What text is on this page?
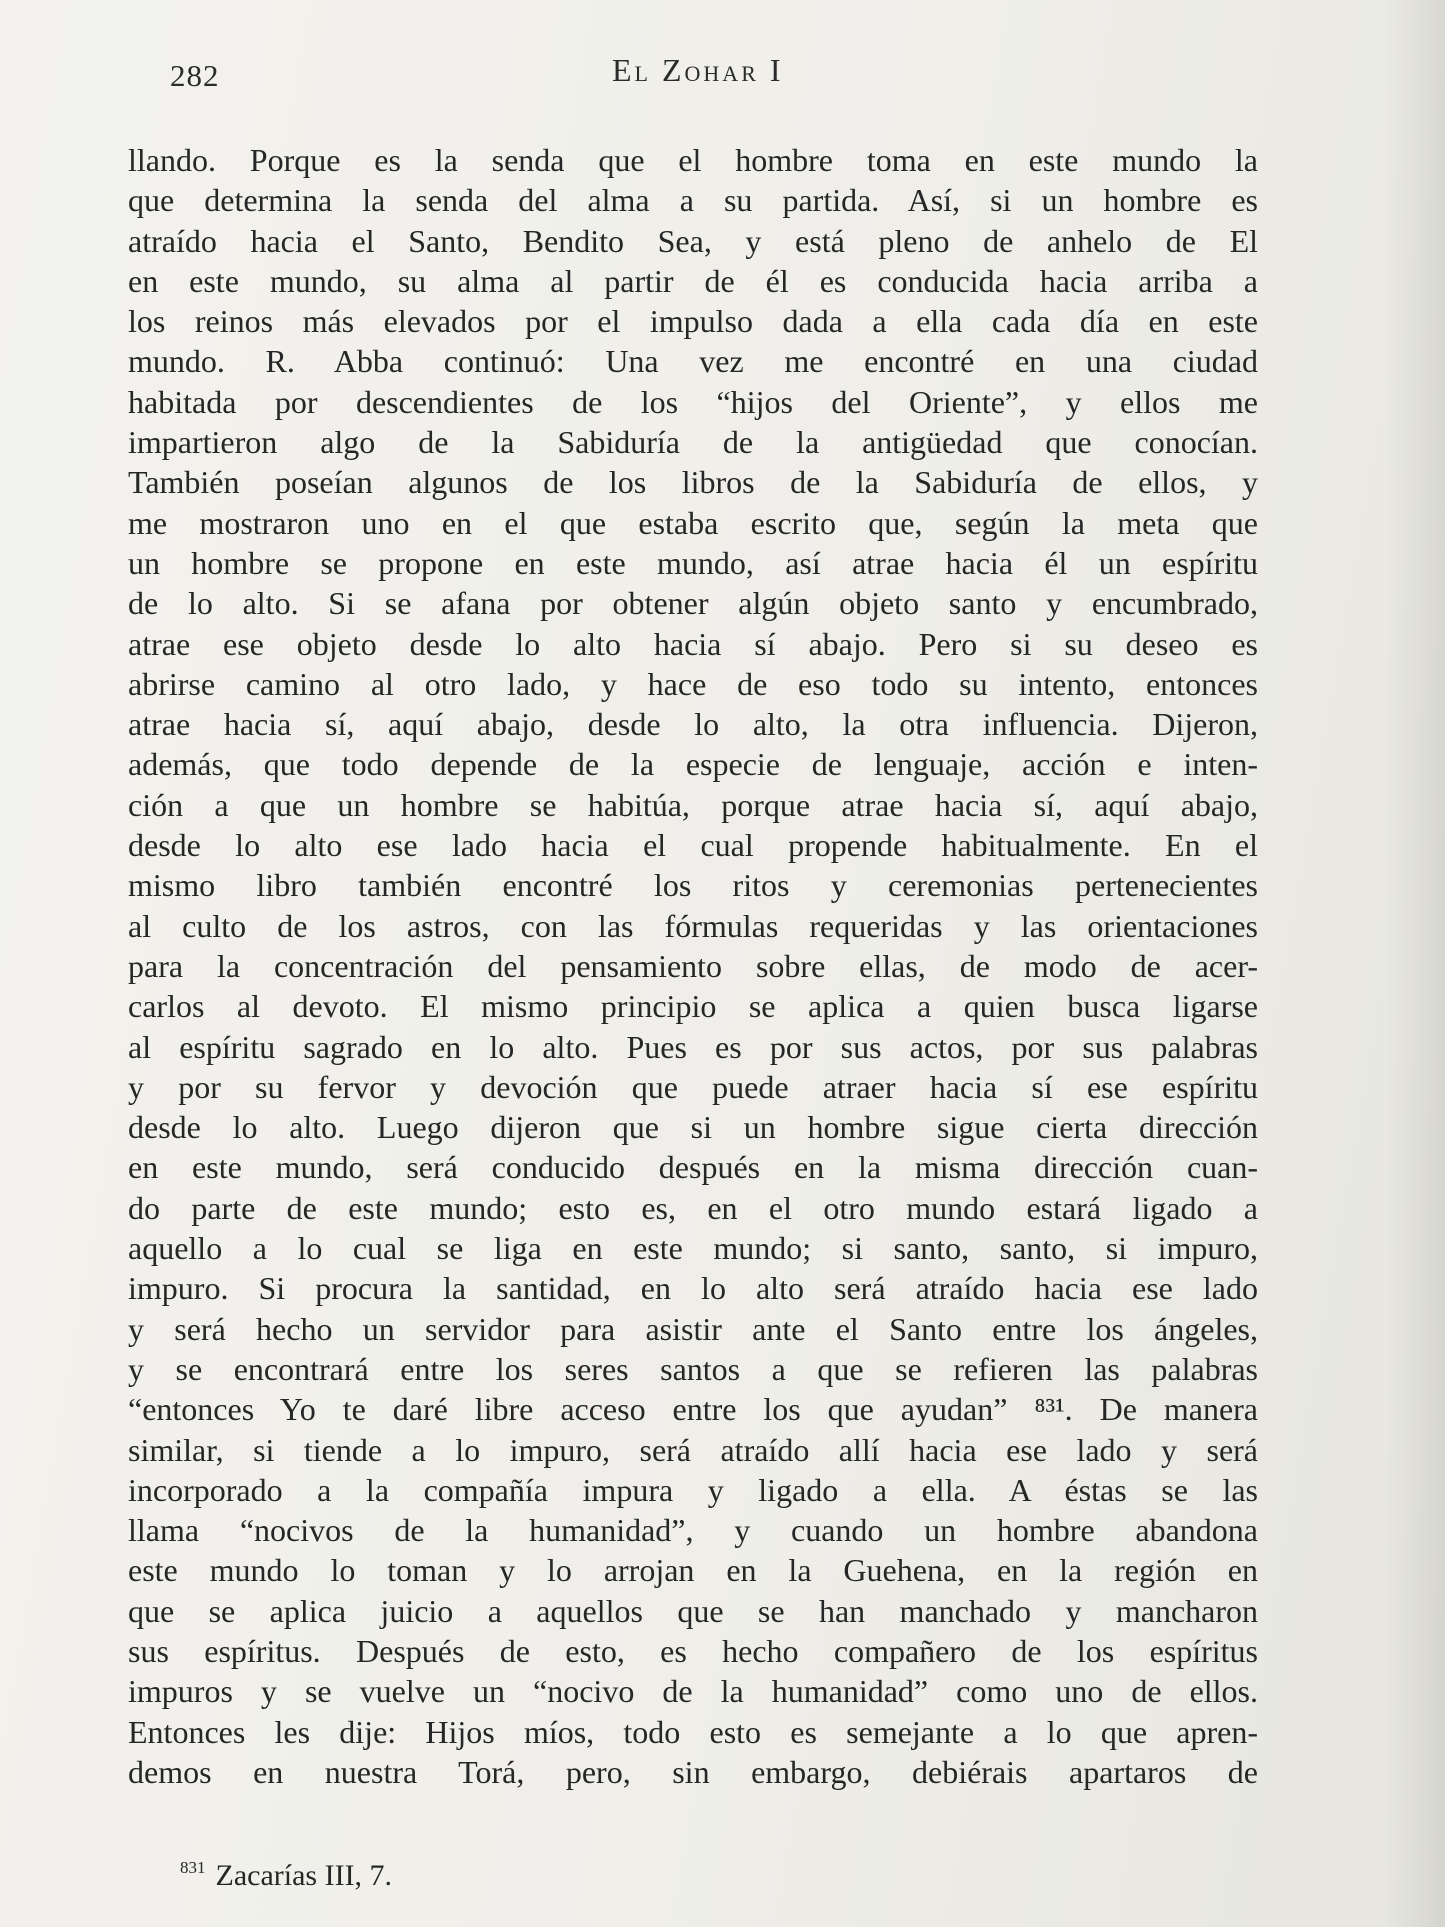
282	El Zohar I
llando. Porque es la senda que el hombre toma en este mundo la
que determina la senda del alma a su partida. Así, si un hombre es
atraído hacia el Santo, Bendito Sea, y está pleno de anhelo de El
en este mundo, su alma al partir de él es conducida hacia arriba a
los reinos más elevados por el impulso dada a ella cada día en este
mundo. R. Abba continuó: Una vez me encontré en una ciudad
habitada por descendientes de los “hijos del Oriente”, y ellos me
impartieron algo de la Sabiduría de la antigüedad que conocían.
También poseían algunos de los libros de la Sabiduría de ellos, y
me mostraron uno en el que estaba escrito que, según la meta que
un hombre se propone en este mundo, así atrae hacia él un espíritu
de lo alto. Si se afana por obtener algún objeto santo y encumbrado,
atrae ese objeto desde lo alto hacia sí abajo. Pero si su deseo es
abrirse camino al otro lado, y hace de eso todo su intento, entonces
atrae hacia sí, aquí abajo, desde lo alto, la otra influencia. Dijeron,
además, que todo depende de la especie de lenguaje, acción e inten-
ción a que un hombre se habitúa, porque atrae hacia sí, aquí abajo,
desde lo alto ese lado hacia el cual propende habitualmente. En el
mismo libro también encontré los ritos y ceremonias pertenecientes
al culto de los astros, con las fórmulas requeridas y las orientaciones
para la concentración del pensamiento sobre ellas, de modo de acer-
carlos al devoto. El mismo principio se aplica a quien busca ligarse
al espíritu sagrado en lo alto. Pues es por sus actos, por sus palabras
y por su fervor y devoción que puede atraer hacia sí ese espíritu
desde lo alto. Luego dijeron que si un hombre sigue cierta dirección
en este mundo, será conducido después en la misma dirección cuan-
do parte de este mundo; esto es, en el otro mundo estará ligado a
aquello a lo cual se liga en este mundo; si santo, santo, si impuro,
impuro. Si procura la santidad, en lo alto será atraído hacia ese lado
y será hecho un servidor para asistir ante el Santo entre los ángeles,
y se encontrará entre los seres santos a que se refieren las palabras
“entonces Yo te daré libre acceso entre los que ayudan” ⁸³¹. De manera
similar, si tiende a lo impuro, será atraído allí hacia ese lado y será
incorporado a la compañía impura y ligado a ella. A éstas se las
llama “nocivos de la humanidad”, y cuando un hombre abandona
este mundo lo toman y lo arrojan en la Guehena, en la región en
que se aplica juicio a aquellos que se han manchado y mancharon
sus espíritus. Después de esto, es hecho compañero de los espíritus
impuros y se vuelve un “nocivo de la humanidad” como uno de ellos.
Entonces les dije: Hijos míos, todo esto es semejante a lo que apren-
demos en nuestra Torá, pero, sin embargo, debiérais apartaros de
$^{831}$ Zacarías III, 7.
